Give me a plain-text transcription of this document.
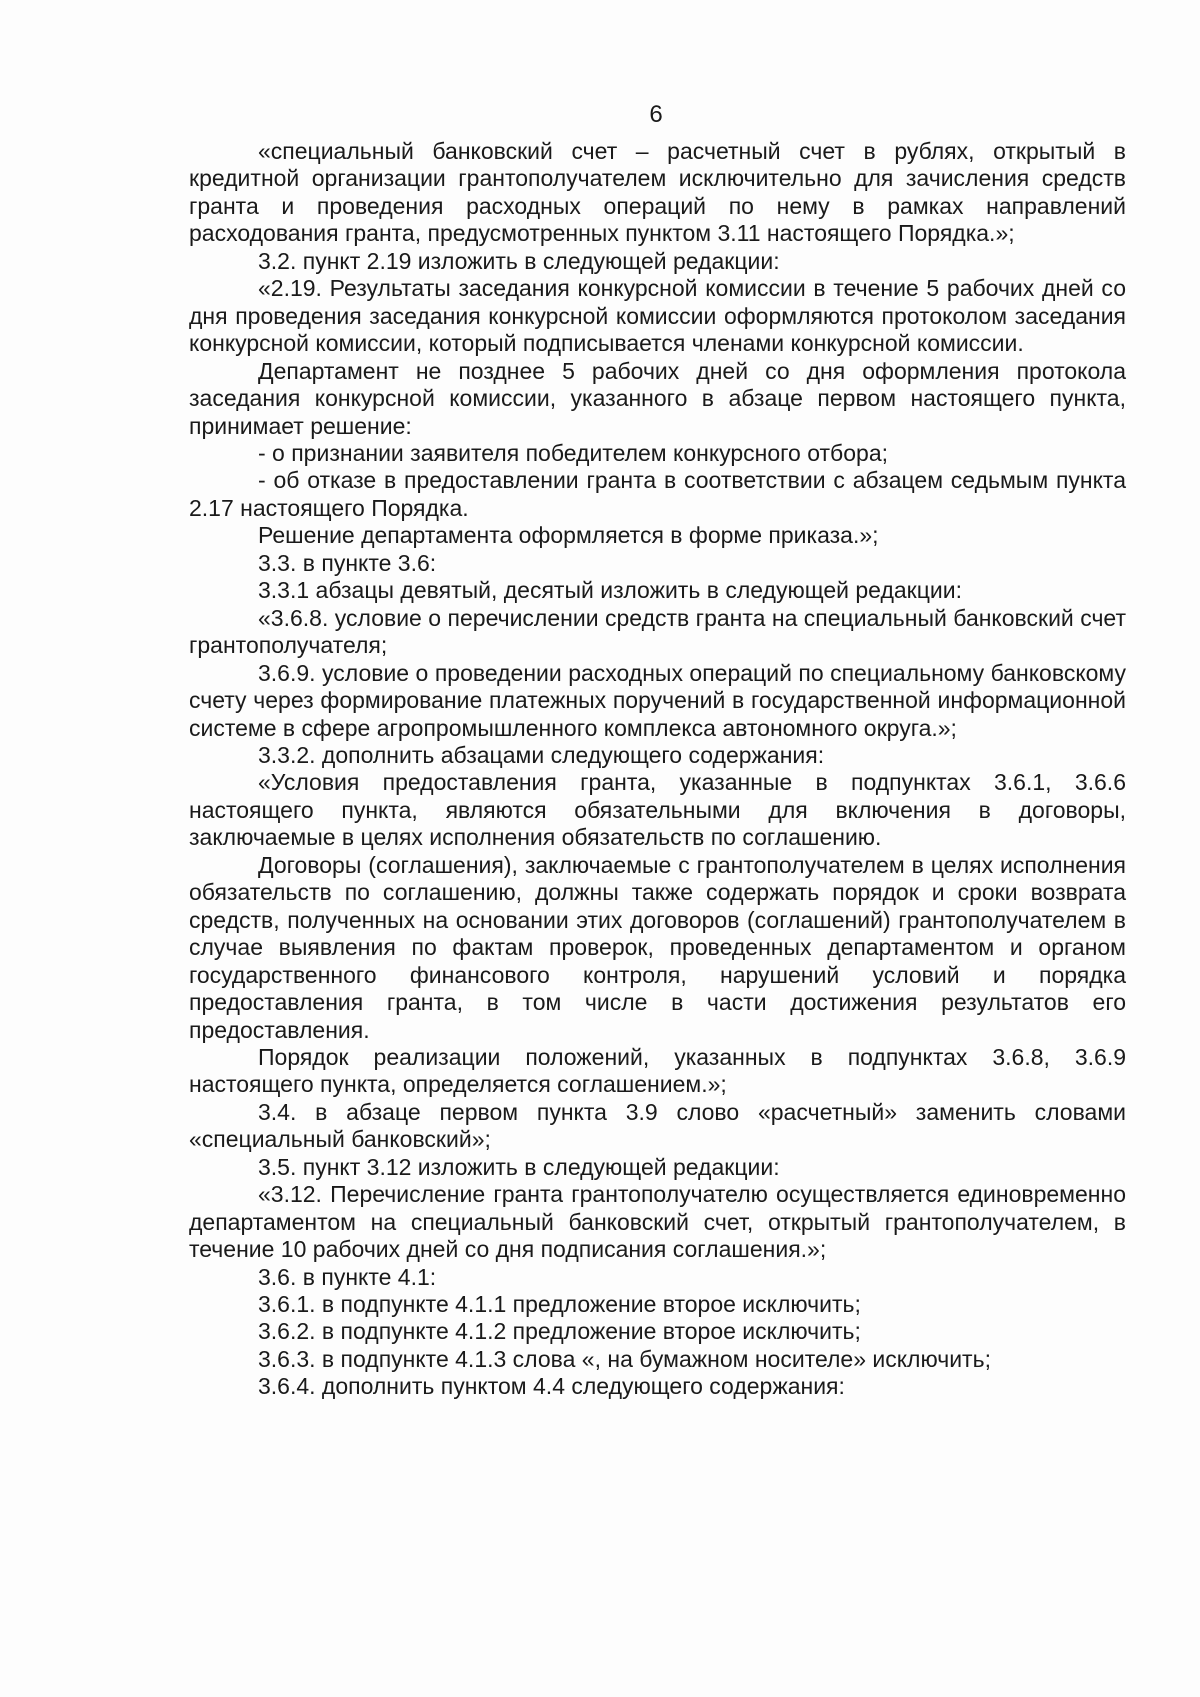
6

«специальный банковский счет – расчетный счет в рублях, открытый в кредитной организации грантополучателем исключительно для зачисления средств гранта и проведения расходных операций по нему в рамках направлений расходования гранта, предусмотренных пунктом 3.11 настоящего Порядка.»;

3.2. пункт 2.19 изложить в следующей редакции:

«2.19. Результаты заседания конкурсной комиссии в течение 5 рабочих дней со дня проведения заседания конкурсной комиссии оформляются протоколом заседания конкурсной комиссии, который подписывается членами конкурсной комиссии.

Департамент не позднее 5 рабочих дней со дня оформления протокола заседания конкурсной комиссии, указанного в абзаце первом настоящего пункта, принимает решение:

- о признании заявителя победителем конкурсного отбора;

- об отказе в предоставлении гранта в соответствии с абзацем седьмым пункта 2.17 настоящего Порядка.

Решение департамента оформляется в форме приказа.»;

3.3. в пункте 3.6:

3.3.1 абзацы девятый, десятый изложить в следующей редакции:

«3.6.8. условие о перечислении средств гранта на специальный банковский счет грантополучателя;

3.6.9. условие о проведении расходных операций по специальному банковскому счету через формирование платежных поручений в государственной информационной системе в сфере агропромышленного комплекса автономного округа.»;

3.3.2. дополнить абзацами следующего содержания:

«Условия предоставления гранта, указанные в подпунктах 3.6.1, 3.6.6 настоящего пункта, являются обязательными для включения в договоры, заключаемые в целях исполнения обязательств по соглашению.

Договоры (соглашения), заключаемые с грантополучателем в целях исполнения обязательств по соглашению, должны также содержать порядок и сроки возврата средств, полученных на основании этих договоров (соглашений) грантополучателем в случае выявления по фактам проверок, проведенных департаментом и органом государственного финансового контроля, нарушений условий и порядка предоставления гранта, в том числе в части достижения результатов его предоставления.

Порядок реализации положений, указанных в подпунктах 3.6.8, 3.6.9 настоящего пункта, определяется соглашением.»;

3.4. в абзаце первом пункта 3.9 слово «расчетный» заменить словами «специальный банковский»;

3.5. пункт 3.12 изложить в следующей редакции:

«3.12. Перечисление гранта грантополучателю осуществляется единовременно департаментом на специальный банковский счет, открытый грантополучателем, в течение 10 рабочих дней со дня подписания соглашения.»;

3.6. в пункте 4.1:

3.6.1. в подпункте 4.1.1 предложение второе исключить;

3.6.2. в подпункте 4.1.2 предложение второе исключить;

3.6.3. в подпункте 4.1.3 слова «, на бумажном носителе» исключить;

3.6.4. дополнить пунктом 4.4 следующего содержания:
